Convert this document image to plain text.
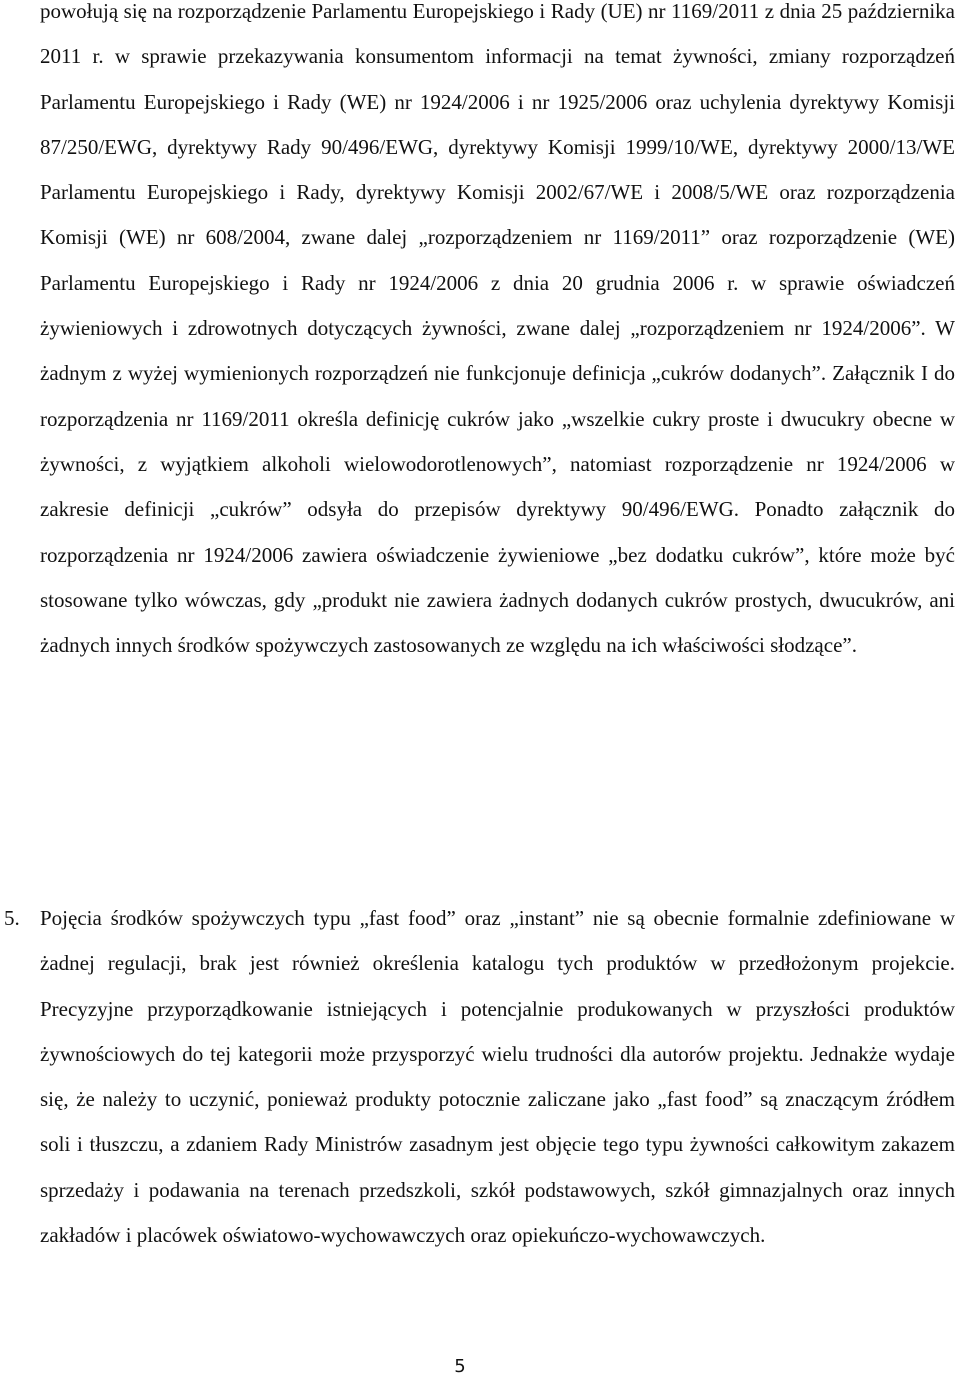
powołują się na rozporządzenie Parlamentu Europejskiego i Rady (UE) nr 1169/2011 z dnia 25 października 2011 r. w sprawie przekazywania konsumentom informacji na temat żywności, zmiany rozporządzeń Parlamentu Europejskiego i Rady (WE) nr 1924/2006 i nr 1925/2006 oraz uchylenia dyrektywy Komisji 87/250/EWG, dyrektywy Rady 90/496/EWG, dyrektywy Komisji 1999/10/WE, dyrektywy 2000/13/WE Parlamentu Europejskiego i Rady, dyrektywy Komisji 2002/67/WE i 2008/5/WE oraz rozporządzenia Komisji (WE) nr 608/2004, zwane dalej „rozporządzeniem nr 1169/2011” oraz rozporządzenie (WE) Parlamentu Europejskiego i Rady nr 1924/2006 z dnia 20 grudnia 2006 r. w sprawie oświadczeń żywieniowych i zdrowotnych dotyczących żywności, zwane dalej „rozporządzeniem nr 1924/2006”. W żadnym z wyżej wymienionych rozporządzeń nie funkcjonuje definicja „cukrów dodanych”. Załącznik I do rozporządzenia nr 1169/2011 określa definicję cukrów jako „wszelkie cukry proste i dwucukry obecne w żywności, z wyjątkiem alkoholi wielowodorotlenowych”, natomiast rozporządzenie nr 1924/2006 w zakresie definicji „cukrów” odsyła do przepisów dyrektywy 90/496/EWG. Ponadto załącznik do rozporządzenia nr 1924/2006 zawiera oświadczenie żywieniowe „bez dodatku cukrów”, które może być stosowane tylko wówczas, gdy „produkt nie zawiera żadnych dodanych cukrów prostych, dwucukrów, ani żadnych innych środków spożywczych zastosowanych ze względu na ich właściwości słodzące”.

5. Pojęcia środków spożywczych typu „fast food” oraz „instant” nie są obecnie formalnie zdefiniowane w żadnej regulacji, brak jest również określenia katalogu tych produktów w przedłożonym projekcie. Precyzyjne przyporządkowanie istniejących i potencjalnie produkowanych w przyszłości produktów żywnościowych do tej kategorii może przysporzyć wielu trudności dla autorów projektu. Jednakże wydaje się, że należy to uczynić, ponieważ produkty potocznie zaliczane jako „fast food” są znaczącym źródłem soli i tłuszczu, a zdaniem Rady Ministrów zasadnym jest objęcie tego typu żywności całkowitym zakazem sprzedaży i podawania na terenach przedszkoli, szkół podstawowych, szkół gimnazjalnych oraz innych zakładów i placówek oświatowo-wychowawczych oraz opiekuńczo-wychowawczych.

5
